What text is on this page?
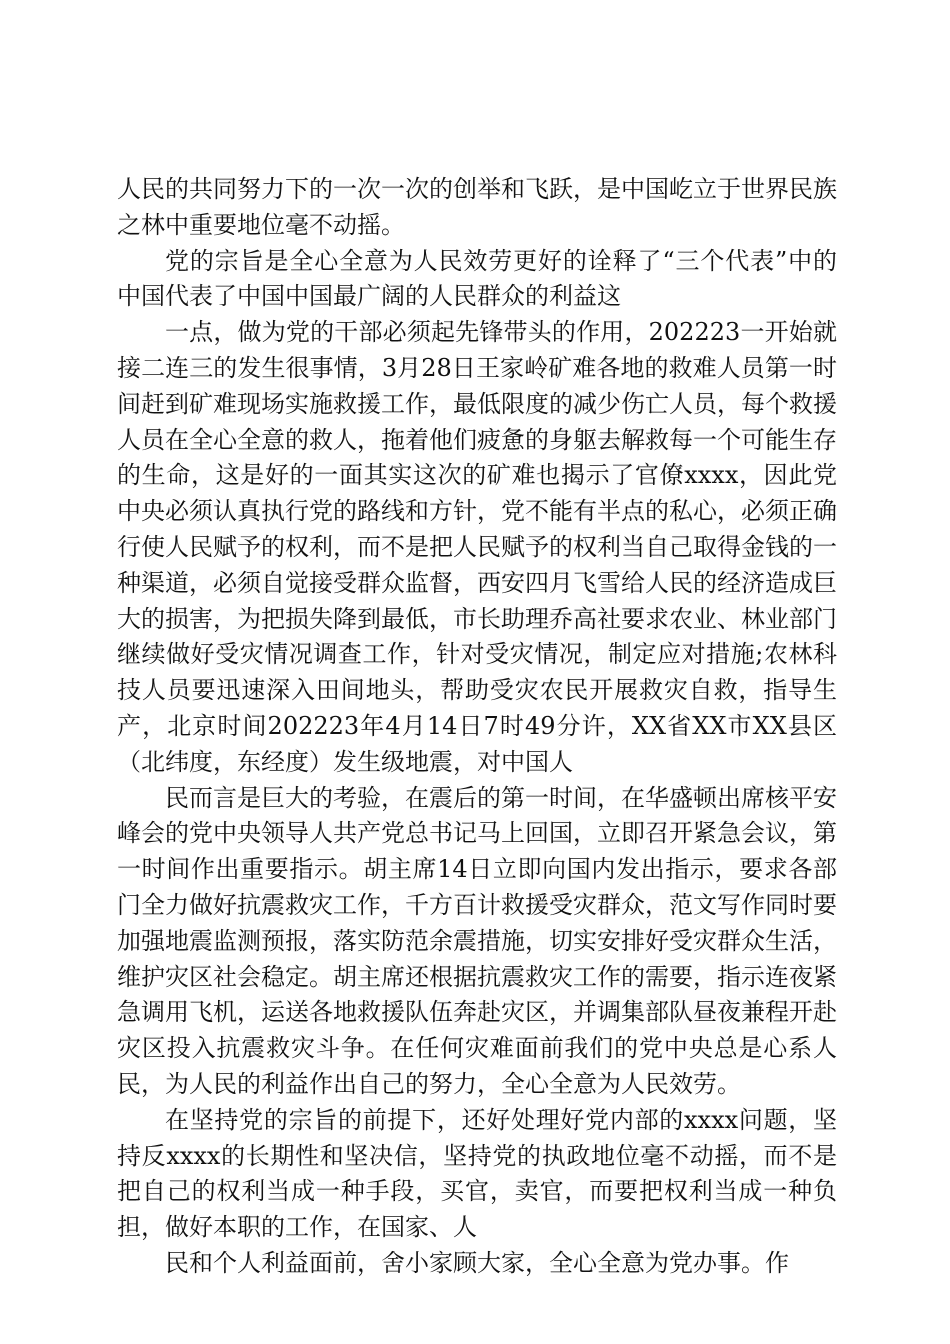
人民的共同努力下的一次一次的创举和飞跃，是中国屹立于世界民族之林中重要地位毫不动摇。

党的宗旨是全心全意为人民效劳更好的诠释了“三个代表”中的中国代表了中国中国最广阔的人民群众的利益这

一点，做为党的干部必须起先锋带头的作用，202223一开始就接二连三的发生很事情，3月28日王家岭矿难各地的救难人员第一时间赶到矿难现场实施救援工作，最低限度的减少伤亡人员，每个救援人员在全心全意的救人，拖着他们疲惫的身躯去解救每一个可能生存的生命，这是好的一面其实这次的矿难也揭示了官僚xxxx，因此党中央必须认真执行党的路线和方针，党不能有半点的私心，必须正确行使人民赋予的权利，而不是把人民赋予的权利当自己取得金钱的一种渠道，必须自觉接受群众监督，西安四月飞雪给人民的经济造成巨大的损害，为把损失降到最低，市长助理乔高社要求农业、林业部门继续做好受灾情况调查工作，针对受灾情况，制定应对措施;农林科技人员要迅速深入田间地头，帮助受灾农民开展救灾自救，指导生产，北京时间202223年4月14日7时49分许，XX省XX市XX县区（北纬度，东经度）发生级地震，对中国人

民而言是巨大的考验，在震后的第一时间，在华盛顿出席核平安峰会的党中央领导人共产党总书记马上回国，立即召开紧急会议，第一时间作出重要指示。胡主席14日立即向国内发出指示，要求各部门全力做好抗震救灾工作，千方百计救援受灾群众，范文写作同时要加强地震监测预报，落实防范余震措施，切实安排好受灾群众生活，维护灾区社会稳定。胡主席还根据抗震救灾工作的需要，指示连夜紧急调用飞机，运送各地救援队伍奔赴灾区，并调集部队昼夜兼程开赴灾区投入抗震救灾斗争。在任何灾难面前我们的党中央总是心系人民，为人民的利益作出自己的努力，全心全意为人民效劳。

在坚持党的宗旨的前提下，还好处理好党内部的xxxx问题，坚持反xxxx的长期性和坚决信，坚持党的执政地位毫不动摇，而不是把自己的权利当成一种手段，买官，卖官，而要把权利当成一种负担，做好本职的工作，在国家、人

民和个人利益面前，舍小家顾大家，全心全意为党办事。作
